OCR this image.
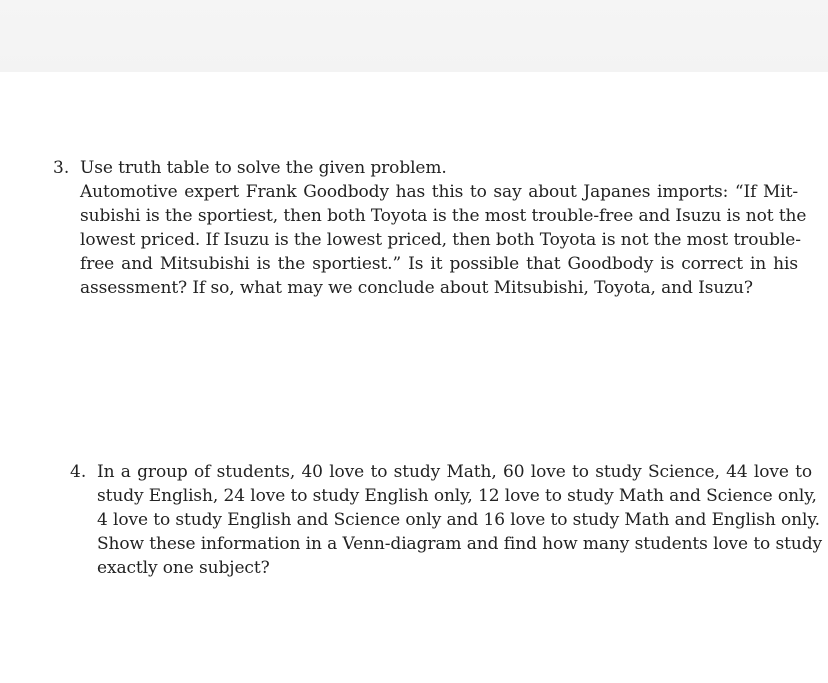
3. Use truth table to solve the given problem.
Automotive expert Frank Goodbody has this to say about Japanes imports: “If Mit-
subishi is the sportiest, then both Toyota is the most trouble-free and Isuzu is not the
lowest priced. If Isuzu is the lowest priced, then both Toyota is not the most trouble-
free and Mitsubishi is the sportiest.” Is it possible that Goodbody is correct in his
assessment? If so, what may we conclude about Mitsubishi, Toyota, and Isuzu?
4. In a group of students, 40 love to study Math, 60 love to study Science, 44 love to
study English, 24 love to study English only, 12 love to study Math and Science only,
4 love to study English and Science only and 16 love to study Math and English only.
Show these information in a Venn-diagram and find how many students love to study
exactly one subject?
